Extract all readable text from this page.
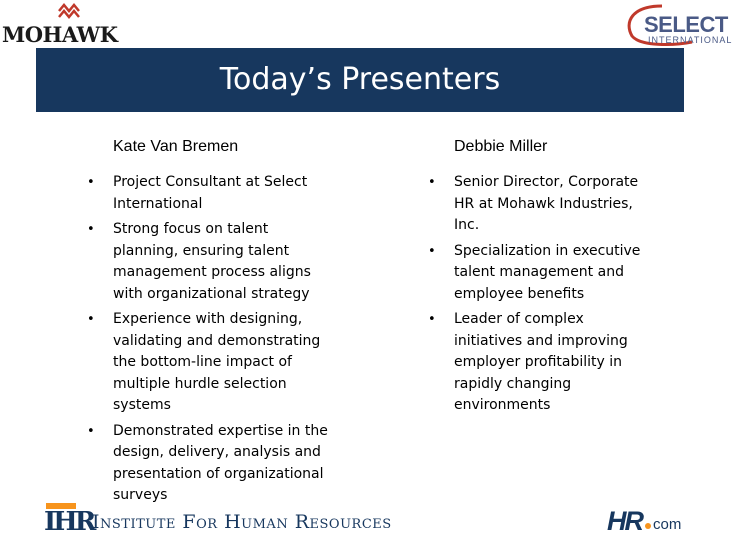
MOHAWK	SELECT
INTERNATIONAL
Today’s Presenters
Kate Van Bremen
• Project Consultant at Select International
• Strong focus on talent planning, ensuring talent management process aligns with organizational strategy
• Experience with designing, validating and demonstrating the bottom-line impact of multiple hurdle selection systems
• Demonstrated expertise in the design, delivery, analysis and presentation of organizational surveys
Debbie Miller
• Senior Director, Corporate HR at Mohawk Industries, Inc.
• Specialization in executive talent management and employee benefits
• Leader of complex initiatives and improving employer profitability in rapidly changing environments
IHR
Institute For Human Resources	HR com
